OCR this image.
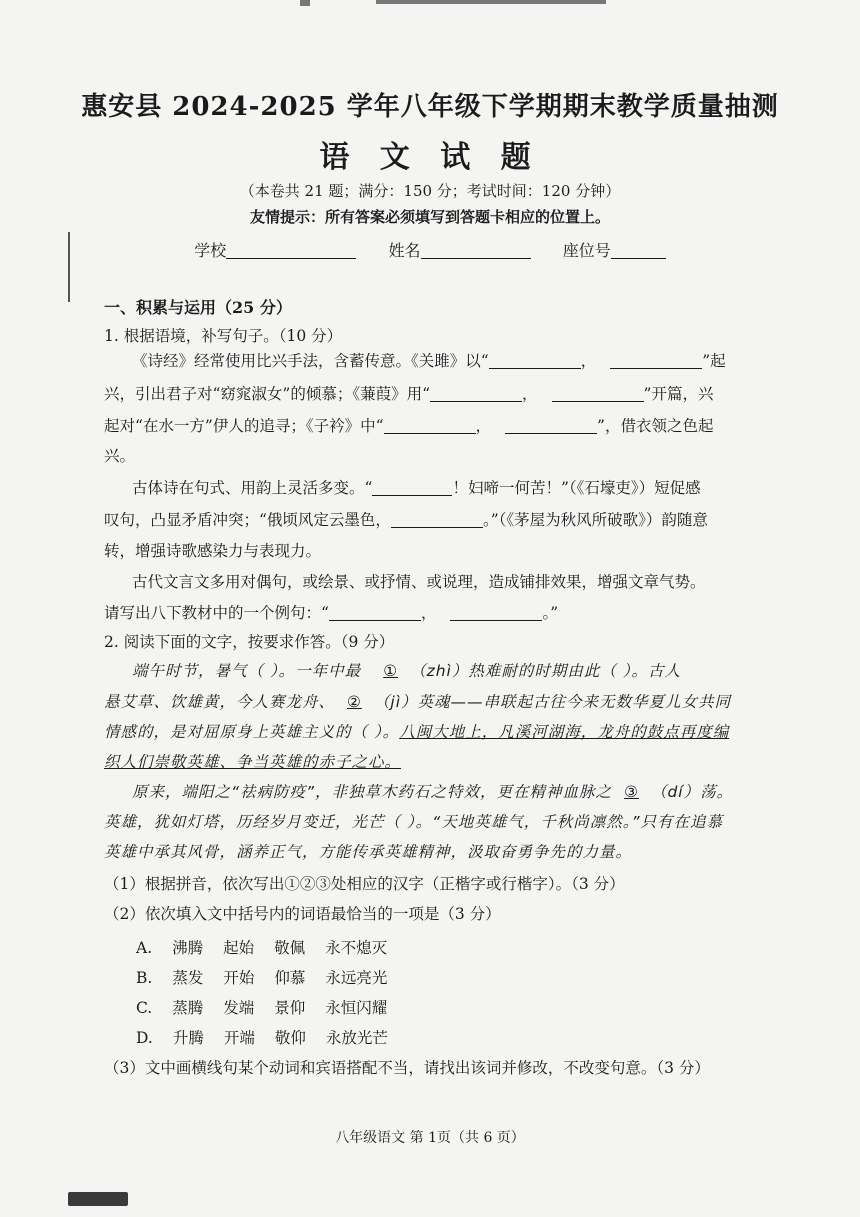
惠安县 2024-2025 学年八年级下学期期末教学质量抽测
语 文 试 题
（本卷共 21 题；满分：150 分；考试时间：120 分钟）
友情提示：所有答案必须填写到答题卡相应的位置上。
学校	姓名	座位号
一、积累与运用（25 分）
1. 根据语境，补写句子。（10 分）
《诗经》经常使用比兴手法，含蓄传意。《关雎》以“	，	”起
兴，引出君子对“窈窕淑女”的倾慕；《蒹葭》用“	，	”开篇，兴
起对“在水一方”伊人的追寻；《子衿》中“	，	”，借衣领之色起
兴。
古体诗在句式、用韵上灵活多变。“	！妇啼一何苦！”（《石壕吏》）短促感
叹句，凸显矛盾冲突；“俄顷风定云墨色，	。”（《茅屋为秋风所破歌》）韵随意
转，增强诗歌感染力与表现力。
古代文言文多用对偶句，或绘景、或抒情、或说理，造成铺排效果，增强文章气势。
请写出八下教材中的一个例句：“	，	。”
2. 阅读下面的文字，按要求作答。（9 分）
端午时节，暑气（ ）。一年中最 ① （zhì）热难耐的时期由此（ ）。古人
悬艾草、饮雄黄，今人赛龙舟、 ② （jì）英魂——串联起古往今来无数华夏儿女共同
情感的，是对屈原身上英雄主义的（ ）。八闽大地上，凡溪河湖海，龙舟的鼓点再度编
织人们崇敬英雄、争当英雄的赤子之心。
原来，端阳之“祛病防疫”，非独草木药石之特效，更在精神血脉之 ③ （dí）荡。
英雄，犹如灯塔，历经岁月变迁，光芒（ ）。“天地英雄气，千秋尚凛然。”只有在追慕
英雄中承其风骨，涵养正气，方能传承英雄精神，汲取奋勇争先的力量。
（1）根据拼音，依次写出①②③处相应的汉字（正楷字或行楷字）。（3 分）
（2）依次填入文中括号内的词语最恰当的一项是（3 分）
A. 沸腾 起始 敬佩 永不熄灭
B. 蒸发 开始 仰慕 永远亮光
C. 蒸腾 发端 景仰 永恒闪耀
D. 升腾 开端 敬仰 永放光芒
（3）文中画横线句某个动词和宾语搭配不当，请找出该词并修改，不改变句意。（3 分）
八年级语文 第 1页（共 6 页）
